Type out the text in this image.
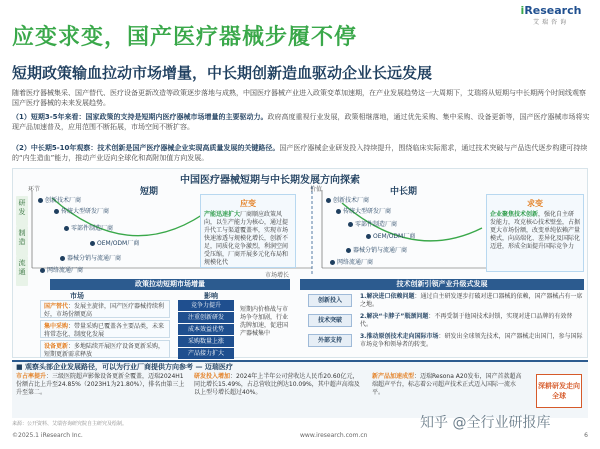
应变求变，国产医疗器械步履不停
短期政策输血拉动市场增量，中长期创新造血驱动企业长远发展
iResearch
艾瑞咨询
随着医疗器械集采、国产替代、医疗设备更新改造等政策逐步落地与成熟，中国医疗器械产业进入政策变革加速期，在产业发展趋势这一大周期下，艾瑞将从短期与中长期两个时间线观察国产医疗器械的未来发展趋势。
（1）短期3-5年来看：国家政策的支持是短期内医疗器械市场增量的主要驱动力。政府高度重视行业发展，政策相继落地，通过优先采购、集中采购、设备更新等，国产医疗器械市场将实现产品加速普及，应用范围不断拓展，市场空间不断扩容。
（2）中长期5-10年观察：技术创新是国产医疗器械企业实现高质量发展的关键路径。国产医疗器械企业研发投入持续提升，围绕临床实际需求，通过技术突破与产品迭代逐步构建可持续的“内生造血”能力，推动产业迈向全球化和高附加值方向发展。
中国医疗器械短期与中长期发展方向探索
短期	中长期
环节	价值
市场增长
研发
制造
流通
创新技术厂商
传统大型研发厂商
零部件制造厂商
OEM/ODM厂商
器械分销与流通厂商
网络流通厂商
创新技术厂商
传统大型研发厂商
零部件制造厂商
OEM/ODM厂商
器械分销与流通厂商
网络流通厂商
应变
产能迅速扩大厂商顺应政策风向，以生产能力为核心，通过提升代工与渠道覆盖率，实现市场快速渗透与规模化增长，创新不足，同质化竞争激烈，利润空间受压缩，厂商开展多元化布局和规模化代
求变
企业聚焦技术创新，强化自主研发能力，攻克核心技术壁垒，占据更大市场份额，改变单纯依赖产量模式，向高端化、差异化及国际化迈进，形成全面提升国际竞争力
政策拉动短期市场增量
市场	影响
国产替代：发展主旋律，国产医疗器械持续利好，市场份额更高
集中采购：带量采购已覆盖各主要品类，未来将常态化、制度化发展
设备更新：多地陆续开展医疗设备更新采购，短期更新需求释放
竞争力提升
注重创新研发
成本效益优势
采购数量上涨
产品接力扩大
短期内价格战与市场争夺加剧，行业洗牌加速，促进国产器械集中
技术创新引领产业升级式发展
创新投入
技术突破
外部支持
1.解决进口依赖问题：通过自主研发逐步打破对进口器械的依赖，国产器械占有一席之地。
2.解决“卡脖子”瓶颈问题：不再受制于他国技术封锁，实现对进口品牌的有效替代。
3.推动原创技术走向国际市场：研发出全球领先技术，国产器械走出国门，参与国际市场竞争和领导者的转变。
■ 观察头部企业发展路径，可以为行业厂商提供方向参考 — 迈瑞医疗
市占率提升：三级医院超声影像设备更新全覆盖，迈瑞2024H1份额占比上升至24.85%（2023H1为21.80%），排名由第三上升至第二。
研发投入增加：2024年上半年公司营收达人民币20.60亿元，同比增长15.49%，占总营收比例达10.09%，其中超声高端及以上型号增长超过40%。
新产品加速成型：迈瑞Resona A20发布，国产首款超高端超声平台，标志着公司超声技术正式迈入国际一流水平。
深耕研发走向全球
来源：公开资料、艾瑞咨询研究院自主研究及绘制。
©2025.1 iResearch Inc.	www.iresearch.com.cn	6
知乎 @全行业研报库
